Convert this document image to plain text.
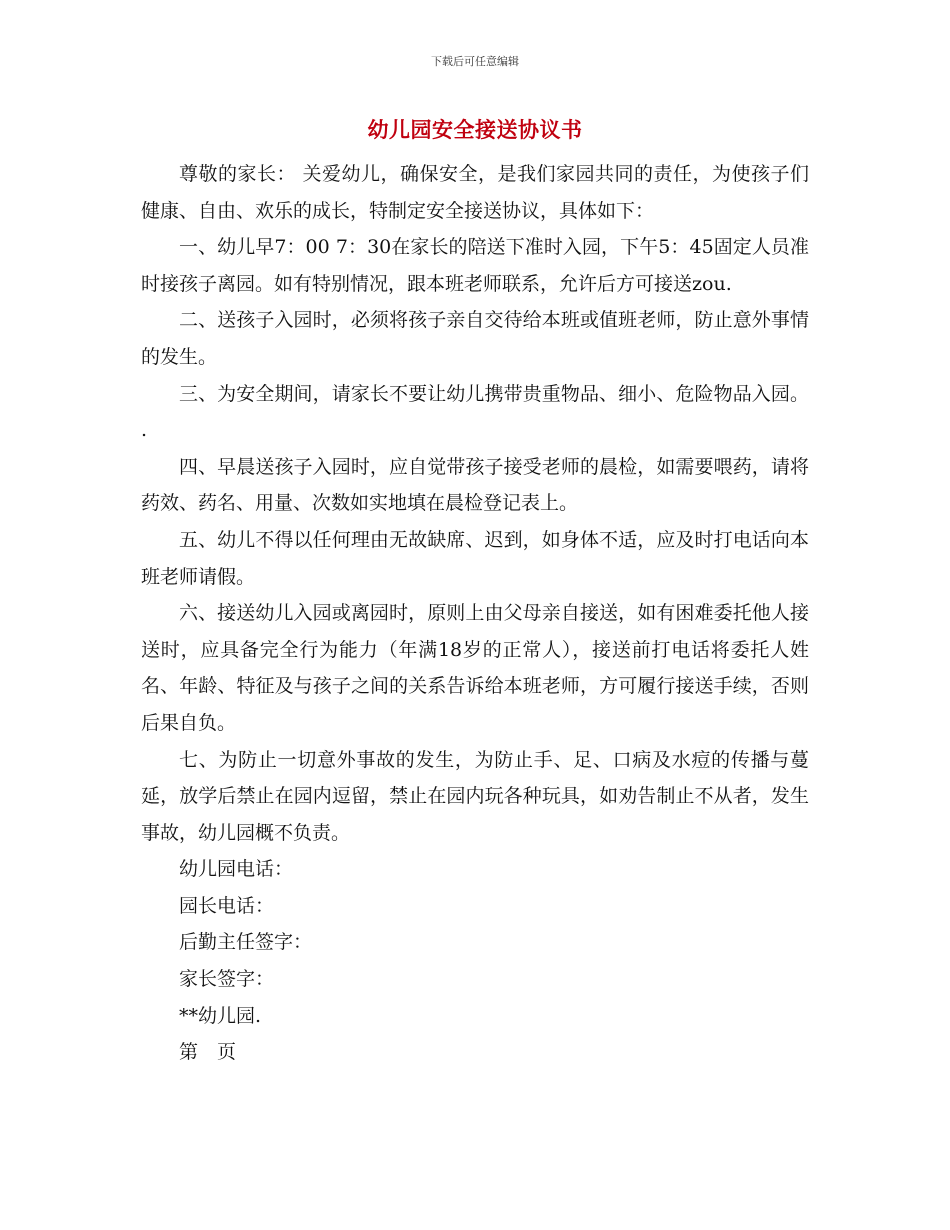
下载后可任意编辑
幼儿园安全接送协议书

尊敬的家长： 关爱幼儿，确保安全，是我们家园共同的责任，为使孩子们健康、自由、欢乐的成长，特制定安全接送协议，具体如下：

一、幼儿早7：00 7：30在家长的陪送下准时入园，下午5：45固定人员准时接孩子离园。如有特别情况，跟本班老师联系，允许后方可接送zou.

二、送孩子入园时，必须将孩子亲自交待给本班或值班老师，防止意外事情的发生。

三、为安全期间，请家长不要让幼儿携带贵重物品、细小、危险物品入园。 .

四、早晨送孩子入园时，应自觉带孩子接受老师的晨检，如需要喂药，请将药效、药名、用量、次数如实地填在晨检登记表上。

五、幼儿不得以任何理由无故缺席、迟到，如身体不适，应及时打电话向本班老师请假。

六、接送幼儿入园或离园时，原则上由父母亲自接送，如有困难委托他人接送时，应具备完全行为能力（年满18岁的正常人），接送前打电话将委托人姓名、年龄、特征及与孩子之间的关系告诉给本班老师，方可履行接送手续，否则后果自负。

七、为防止一切意外事故的发生，为防止手、足、口病及水痘的传播与蔓延，放学后禁止在园内逗留，禁止在园内玩各种玩具，如劝告制止不从者，发生事故，幼儿园概不负责。

幼儿园电话：
园长电话：
后勤主任签字：
家长签字：
**幼儿园.
第　页
